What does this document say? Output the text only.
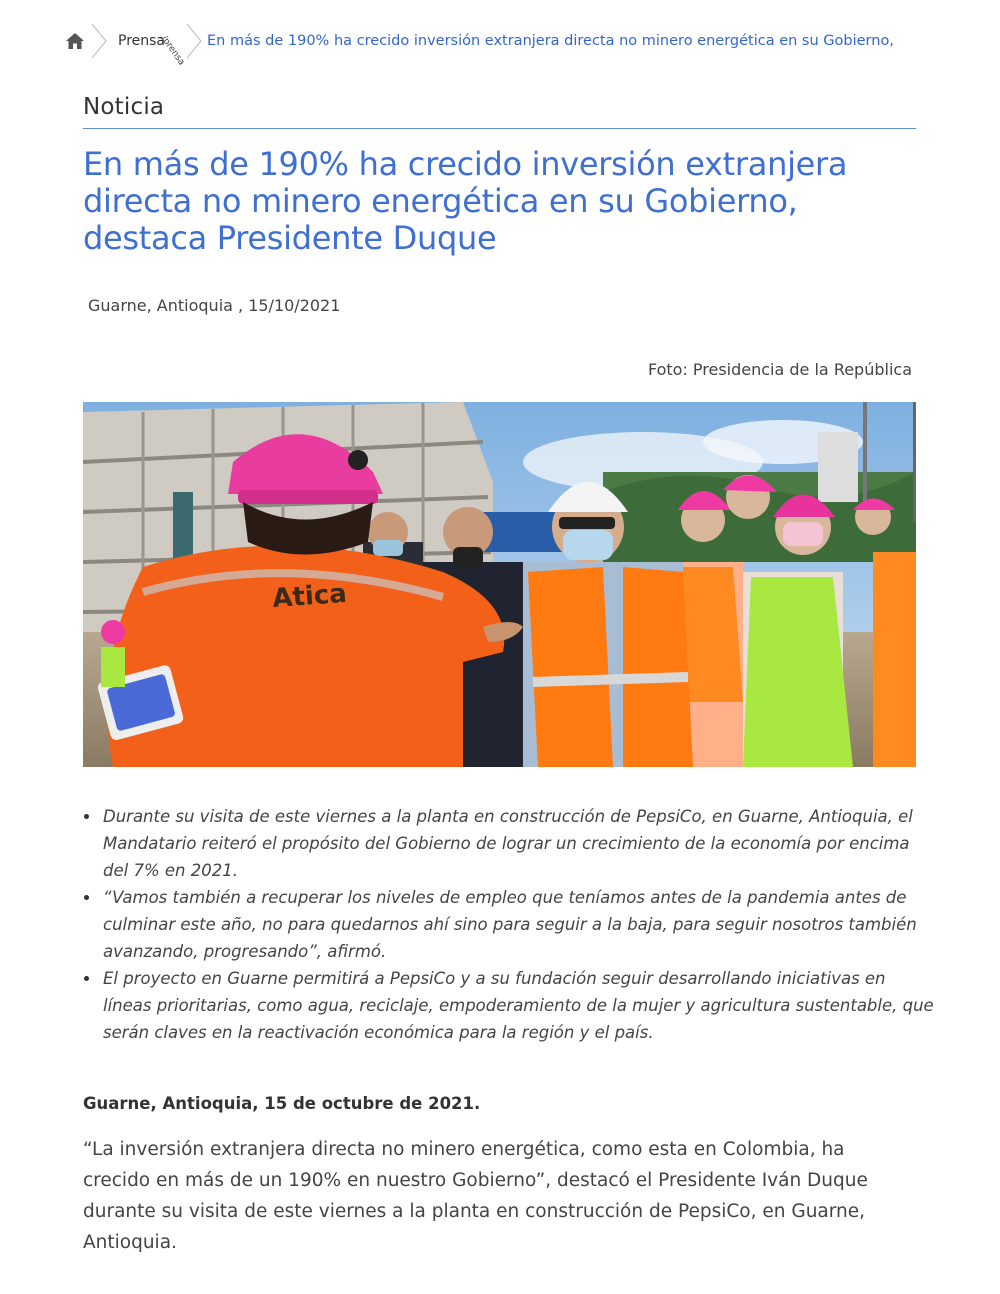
Prensa
/prensa En más de 190% ha crecido inversión extranjera directa no minero energética en su Gobierno,
Noticia
En más de 190% ha crecido inversión extranjera directa no minero energética en su Gobierno, destaca Presidente Duque
Guarne, Antioquia , 15/10/2021
Foto: Presidencia de la República
Atica
Durante su visita de este viernes a la planta en construcción de PepsiCo, en Guarne, Antioquia, el Mandatario reiteró el propósito del Gobierno de lograr un crecimiento de la economía por encima del 7% en 2021.
“Vamos también a recuperar los niveles de empleo que teníamos antes de la pandemia antes de culminar este año, no para quedarnos ahí sino para seguir a la baja, para seguir nosotros también avanzando, progresando”, afirmó.
El proyecto en Guarne permitirá a PepsiCo y a su fundación seguir desarrollando iniciativas en líneas prioritarias, como agua, reciclaje, empoderamiento de la mujer y agricultura sustentable, que serán claves en la reactivación económica para la región y el país.
Guarne, Antioquia, 15 de octubre de 2021.

“La inversión extranjera directa no minero energética, como esta en Colombia, ha crecido en más de un 190% en nuestro Gobierno”, destacó el Presidente Iván Duque durante su visita de este viernes a la planta en construcción de PepsiCo, en Guarne, Antioquia.
